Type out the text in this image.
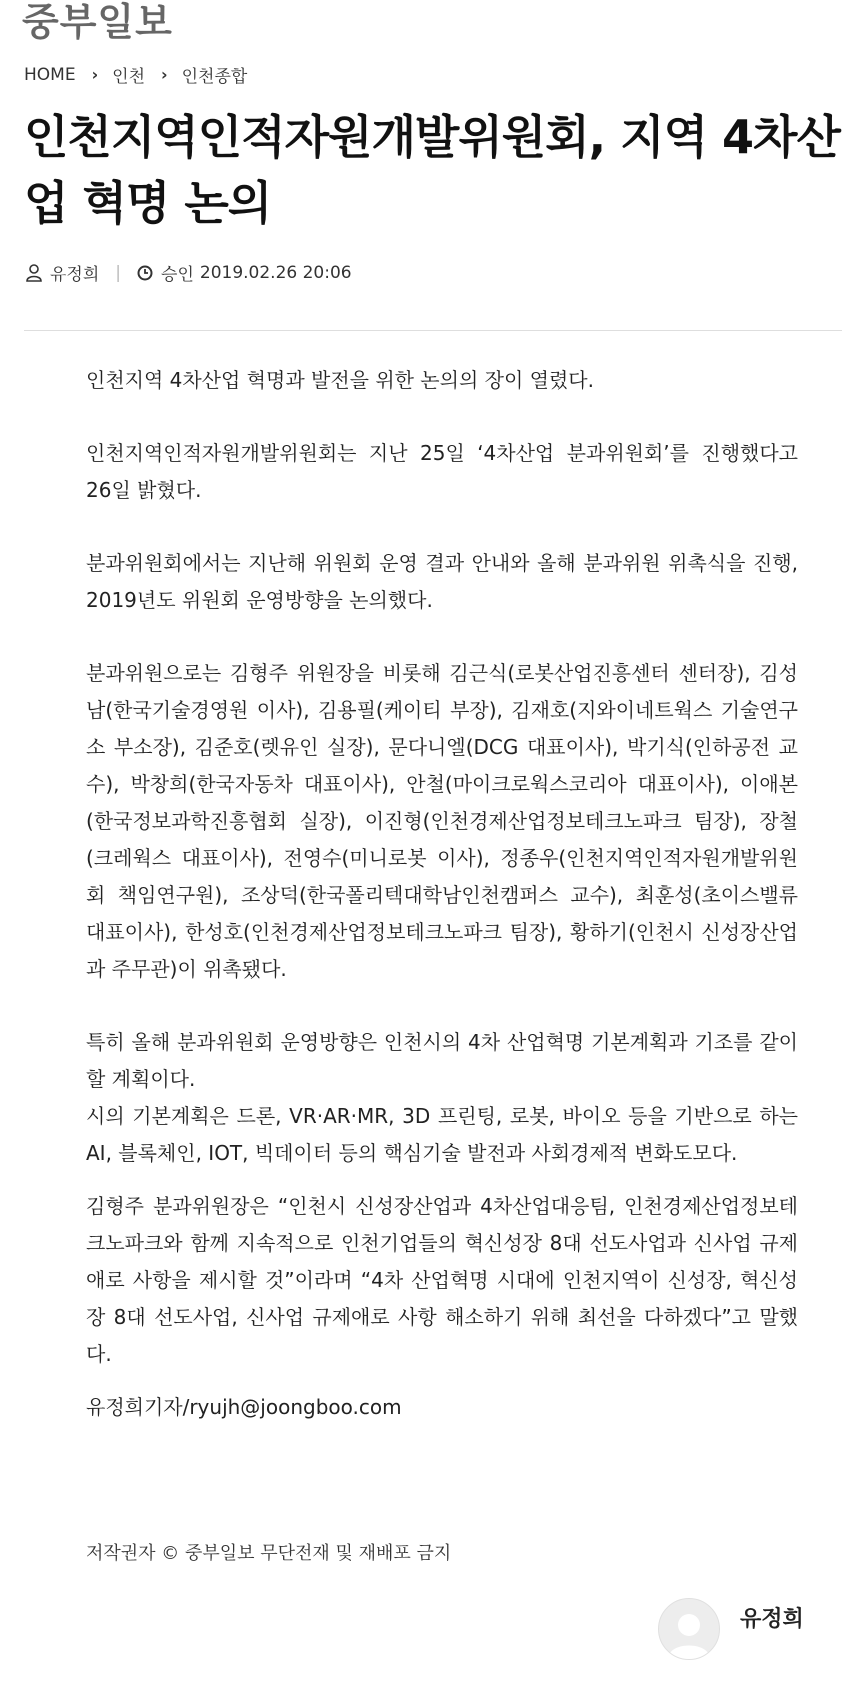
중부일보
HOME › 인천 › 인천종합
인천지역인적자원개발위원회, 지역 4차산업 혁명 논의
유정희 | 승인 2019.02.26 20:06

인천지역 4차산업 혁명과 발전을 위한 논의의 장이 열렸다.

인천지역인적자원개발위원회는 지난 25일 ‘4차산업 분과위원회’를 진행했다고 26일 밝혔다.

분과위원회에서는 지난해 위원회 운영 결과 안내와 올해 분과위원 위촉식을 진행, 2019년도 위원회 운영방향을 논의했다.

분과위원으로는 김형주 위원장을 비롯해 김근식(로봇산업진흥센터 센터장), 김성남(한국기술경영원 이사), 김용필(케이티 부장), 김재호(지와이네트웍스 기술연구소 부소장), 김준호(렛유인 실장), 문다니엘(DCG 대표이사), 박기식(인하공전 교수), 박창희(한국자동차 대표이사), 안철(마이크로웍스코리아 대표이사), 이애본(한국정보과학진흥협회 실장), 이진형(인천경제산업정보테크노파크 팀장), 장철(크레웍스 대표이사), 전영수(미니로봇 이사), 정종우(인천지역인적자원개발위원회 책임연구원), 조상덕(한국폴리텍대학남인천캠퍼스 교수), 최훈성(초이스밸류 대표이사), 한성호(인천경제산업정보테크노파크 팀장), 황하기(인천시 신성장산업과 주무관)이 위촉됐다.

특히 올해 분과위원회 운영방향은 인천시의 4차 산업혁명 기본계획과 기조를 같이할 계획이다.

시의 기본계획은 드론, VR·AR·MR, 3D 프린팅, 로봇, 바이오 등을 기반으로 하는 AI, 블록체인, IOT, 빅데이터 등의 핵심기술 발전과 사회경제적 변화도모다.

김형주 분과위원장은 “인천시 신성장산업과 4차산업대응팀, 인천경제산업정보테크노파크와 함께 지속적으로 인천기업들의 혁신성장 8대 선도사업과 신사업 규제애로 사항을 제시할 것”이라며 “4차 산업혁명 시대에 인천지역이 신성장, 혁신성장 8대 선도사업, 신사업 규제애로 사항 해소하기 위해 최선을 다하겠다”고 말했다.

유정희기자/ryujh@joongboo.com

저작권자 © 중부일보 무단전재 및 재배포 금지
유정희
